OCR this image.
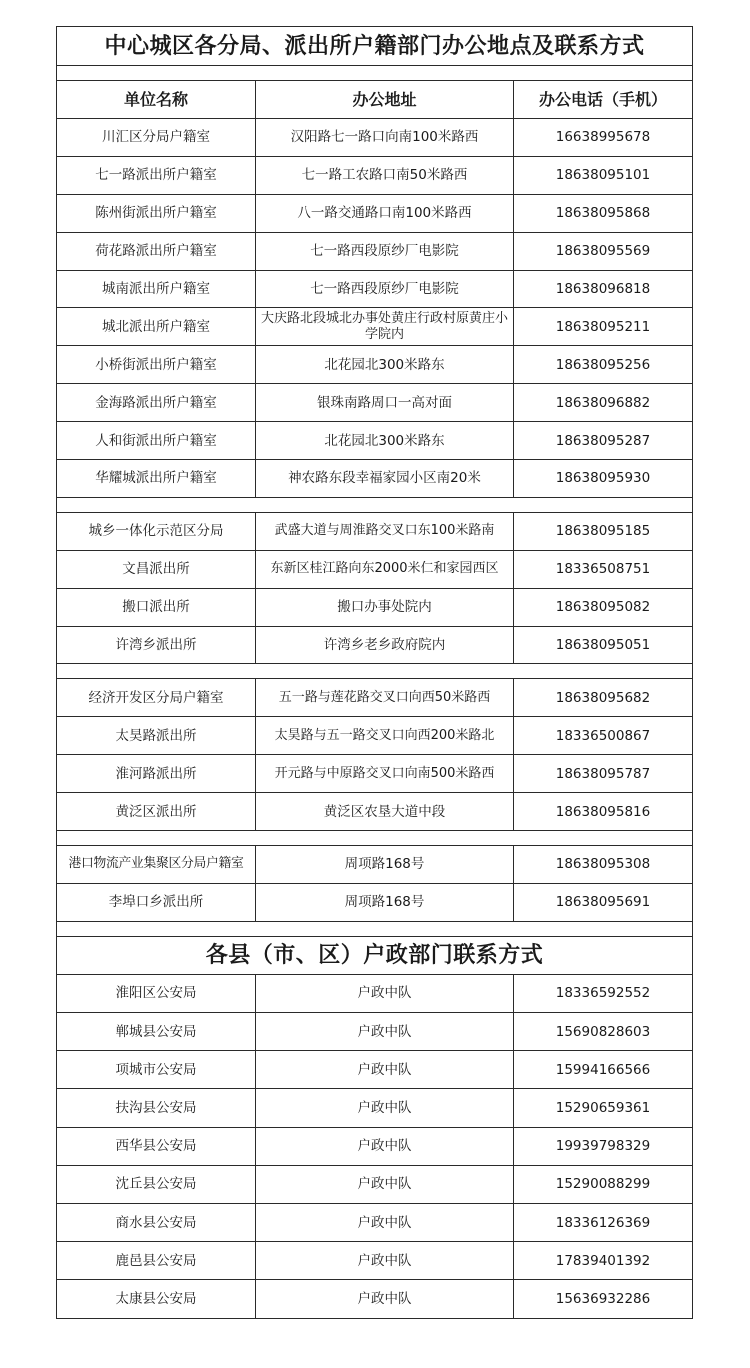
中心城区各分局、派出所户籍部门办公地点及联系方式		

单位名称	办公地址	办公电话（手机）
川汇区分局户籍室	汉阳路七一路口向南100米路西	16638995678
七一路派出所户籍室	七一路工农路口南50米路西	18638095101
陈州街派出所户籍室	八一路交通路口南100米路西	18638095868
荷花路派出所户籍室	七一路西段原纱厂电影院	18638095569
城南派出所户籍室	七一路西段原纱厂电影院	18638096818
城北派出所户籍室	大庆路北段城北办事处黄庄行政村原黄庄小学院内	18638095211
小桥街派出所户籍室	北花园北300米路东	18638095256
金海路派出所户籍室	银珠南路周口一高对面	18638096882
人和街派出所户籍室	北花园北300米路东	18638095287
华耀城派出所户籍室	神农路东段幸福家园小区南20米	18638095930

城乡一体化示范区分局	武盛大道与周淮路交叉口东100米路南	18638095185
文昌派出所	东新区桂江路向东2000米仁和家园西区	18336508751
搬口派出所	搬口办事处院内	18638095082
许湾乡派出所	许湾乡老乡政府院内	18638095051

经济开发区分局户籍室	五一路与莲花路交叉口向西50米路西	18638095682
太昊路派出所	太昊路与五一路交叉口向西200米路北	18336500867
淮河路派出所	开元路与中原路交叉口向南500米路西	18638095787
黄泛区派出所	黄泛区农垦大道中段	18638095816

港口物流产业集聚区分局户籍室	周项路168号	18638095308
李埠口乡派出所	周项路168号	18638095691

各县（市、区）户政部门联系方式		
淮阳区公安局	户政中队	18336592552
郸城县公安局	户政中队	15690828603
项城市公安局	户政中队	15994166566
扶沟县公安局	户政中队	15290659361
西华县公安局	户政中队	19939798329
沈丘县公安局	户政中队	15290088299
商水县公安局	户政中队	18336126369
鹿邑县公安局	户政中队	17839401392
太康县公安局	户政中队	15636932286
